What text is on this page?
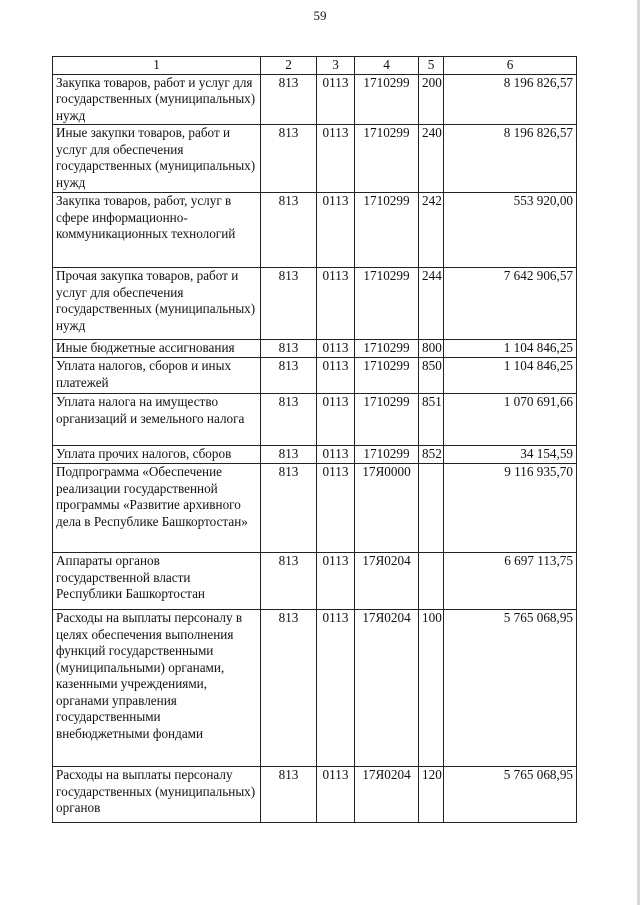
59
1	2	3	4	5	6
Закупка товаров, работ и услуг для государственных (муниципальных) нужд	813	0113	1710299	200	8 196 826,57
Иные закупки товаров, работ и услуг для обеспечения государственных (муниципальных) нужд	813	0113	1710299	240	8 196 826,57
Закупка товаров, работ, услуг в сфере информационно-коммуникационных технологий	813	0113	1710299	242	553 920,00
Прочая закупка товаров, работ и услуг для обеспечения государственных (муниципальных) нужд	813	0113	1710299	244	7 642 906,57
Иные бюджетные ассигнования	813	0113	1710299	800	1 104 846,25
Уплата налогов, сборов и иных платежей	813	0113	1710299	850	1 104 846,25
Уплата налога на имущество организаций и земельного налога	813	0113	1710299	851	1 070 691,66
Уплата прочих налогов, сборов	813	0113	1710299	852	34 154,59
Подпрограмма «Обеспечение реализации государственной программы «Развитие архивного дела в Республике Башкортостан»	813	0113	17Я0000		9 116 935,70
Аппараты органов государственной власти Республики Башкортостан	813	0113	17Я0204		6 697 113,75
Расходы на выплаты персоналу в целях обеспечения выполнения функций государственными (муниципальными) органами, казенными учреждениями, органами управления государственными внебюджетными фондами	813	0113	17Я0204	100	5 765 068,95
Расходы на выплаты персоналу государственных (муниципальных) органов	813	0113	17Я0204	120	5 765 068,95
